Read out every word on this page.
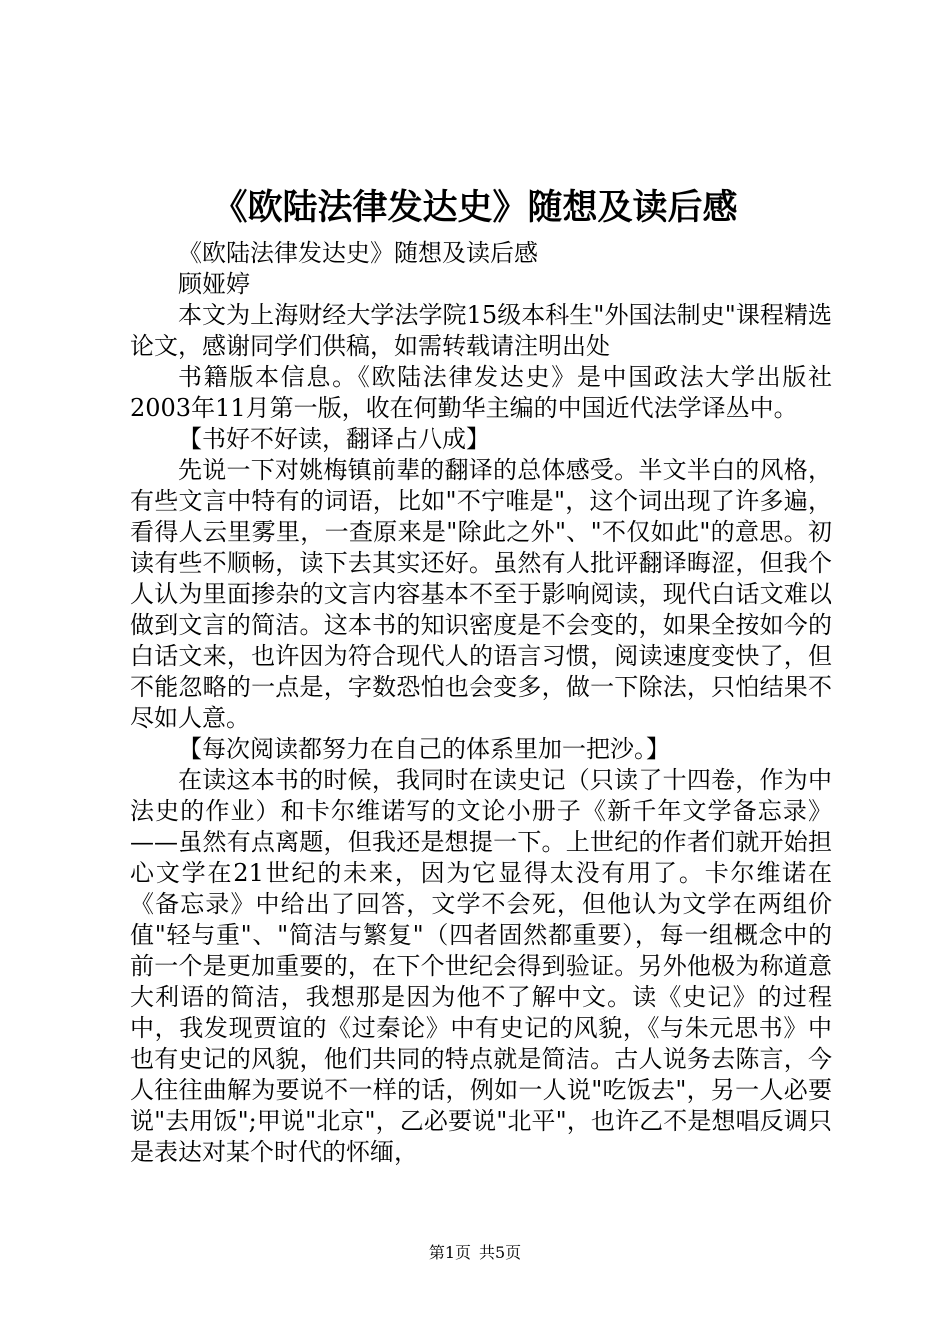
《欧陆法律发达史》随想及读后感

《欧陆法律发达史》随想及读后感

顾娅婷

本文为上海财经大学法学院15级本科生"外国法制史"课程精选论文，感谢同学们供稿，如需转载请注明出处

书籍版本信息。《欧陆法律发达史》是中国政法大学出版社2003年11月第一版，收在何勤华主编的中国近代法学译丛中。

【书好不好读，翻译占八成】

先说一下对姚梅镇前辈的翻译的总体感受。半文半白的风格，有些文言中特有的词语，比如"不宁唯是"，这个词出现了许多遍，看得人云里雾里，一查原来是"除此之外"、"不仅如此"的意思。初读有些不顺畅，读下去其实还好。虽然有人批评翻译晦涩，但我个人认为里面掺杂的文言内容基本不至于影响阅读，现代白话文难以做到文言的简洁。这本书的知识密度是不会变的，如果全按如今的白话文来，也许因为符合现代人的语言习惯，阅读速度变快了，但不能忽略的一点是，字数恐怕也会变多，做一下除法，只怕结果不尽如人意。

【每次阅读都努力在自己的体系里加一把沙。】

在读这本书的时候，我同时在读史记（只读了十四卷，作为中法史的作业）和卡尔维诺写的文论小册子《新千年文学备忘录》——虽然有点离题，但我还是想提一下。上世纪的作者们就开始担心文学在21世纪的未来，因为它显得太没有用了。卡尔维诺在《备忘录》中给出了回答，文学不会死，但他认为文学在两组价值"轻与重"、"简洁与繁复"（四者固然都重要），每一组概念中的前一个是更加重要的，在下个世纪会得到验证。另外他极为称道意大利语的简洁，我想那是因为他不了解中文。读《史记》的过程中，我发现贾谊的《过秦论》中有史记的风貌，《与朱元思书》中也有史记的风貌，他们共同的特点就是简洁。古人说务去陈言，今人往往曲解为要说不一样的话，例如一人说"吃饭去"，另一人必要说"去用饭";甲说"北京"，乙必要说"北平"，也许乙不是想唱反调只是表达对某个时代的怀缅，

第1页 共5页
